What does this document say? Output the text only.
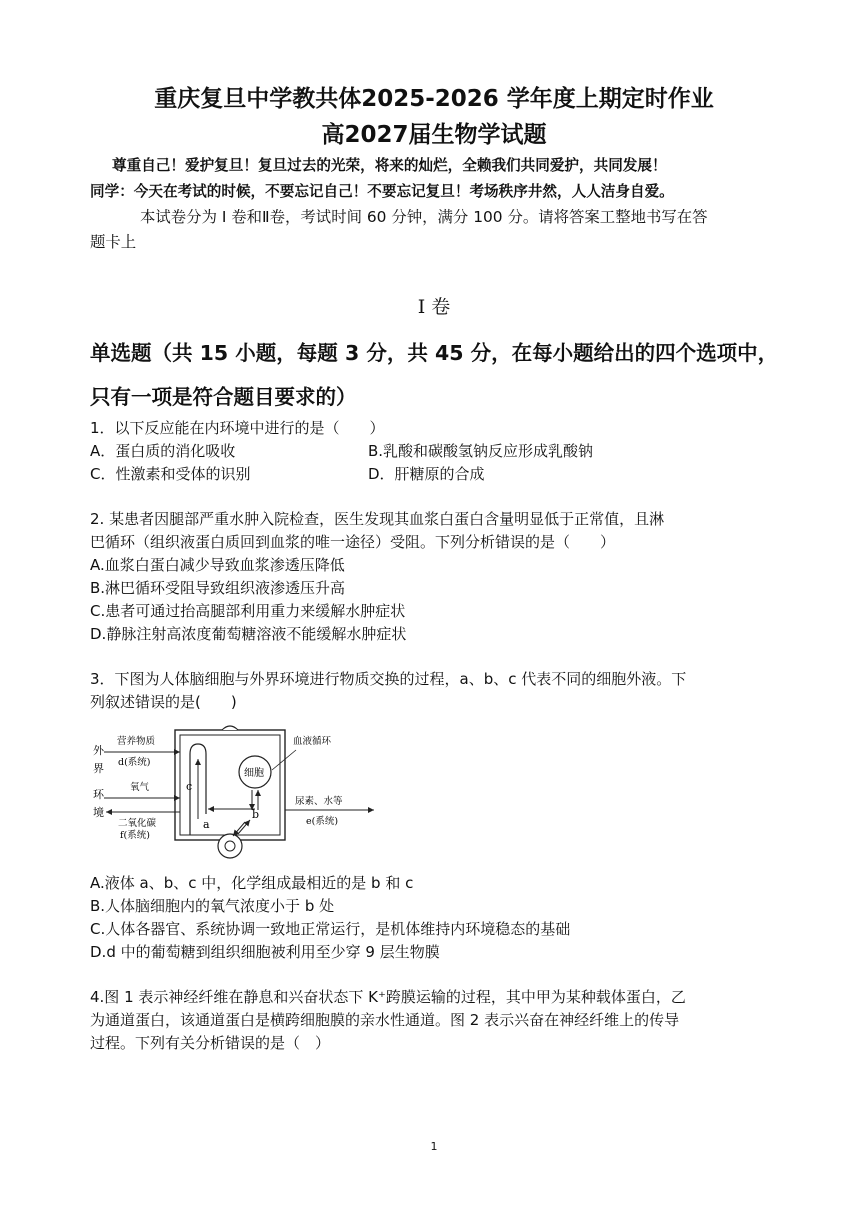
重庆复旦中学教共体2025-2026 学年度上期定时作业
高2027届生物学试题
尊重自己！爱护复旦！复旦过去的光荣，将来的灿烂，全赖我们共同爱护，共同发展！
同学：今天在考试的时候，不要忘记自己！不要忘记复旦！考场秩序井然，人人洁身自爱。
本试卷分为 I 卷和Ⅱ卷，考试时间 60 分钟，满分 100 分。请将答案工整地书写在答
题卡上
I 卷
单选题（共 15 小题，每题 3 分，共 45 分，在每小题给出的四个选项中，
只有一项是符合题目要求的）
1．以下反应能在内环境中进行的是（　　）
A．蛋白质的消化吸收	B.乳酸和碳酸氢钠反应形成乳酸钠
C．性激素和受体的识别	D．肝糖原的合成
2. 某患者因腿部严重水肿入院检查，医生发现其血浆白蛋白含量明显低于正常值，且淋
巴循环（组织液蛋白质回到血浆的唯一途径）受阻。下列分析错误的是（　　）
A.血浆白蛋白减少导致血浆渗透压降低
B.淋巴循环受阻导致组织液渗透压升高
C.患者可通过抬高腿部利用重力来缓解水肿症状
D.静脉注射高浓度葡萄糖溶液不能缓解水肿症状
3．下图为人体脑细胞与外界环境进行物质交换的过程，a、b、c 代表不同的细胞外液。下
列叙述错误的是(　　)
外
界
环
境
细胞
c
a
b
营养物质
d(系统)
氧气
二氧化碳
f(系统)
血液循环
尿素、水等
e(系统)
A.液体 a、b、c 中，化学组成最相近的是 b 和 c
B.人体脑细胞内的氧气浓度小于 b 处
C.人体各器官、系统协调一致地正常运行，是机体维持内环境稳态的基础
D.d 中的葡萄糖到组织细胞被利用至少穿 9 层生物膜
4.图 1 表示神经纤维在静息和兴奋状态下 K⁺跨膜运输的过程，其中甲为某种载体蛋白，乙
为通道蛋白，该通道蛋白是横跨细胞膜的亲水性通道。图 2 表示兴奋在神经纤维上的传导
过程。下列有关分析错误的是（　）
1
